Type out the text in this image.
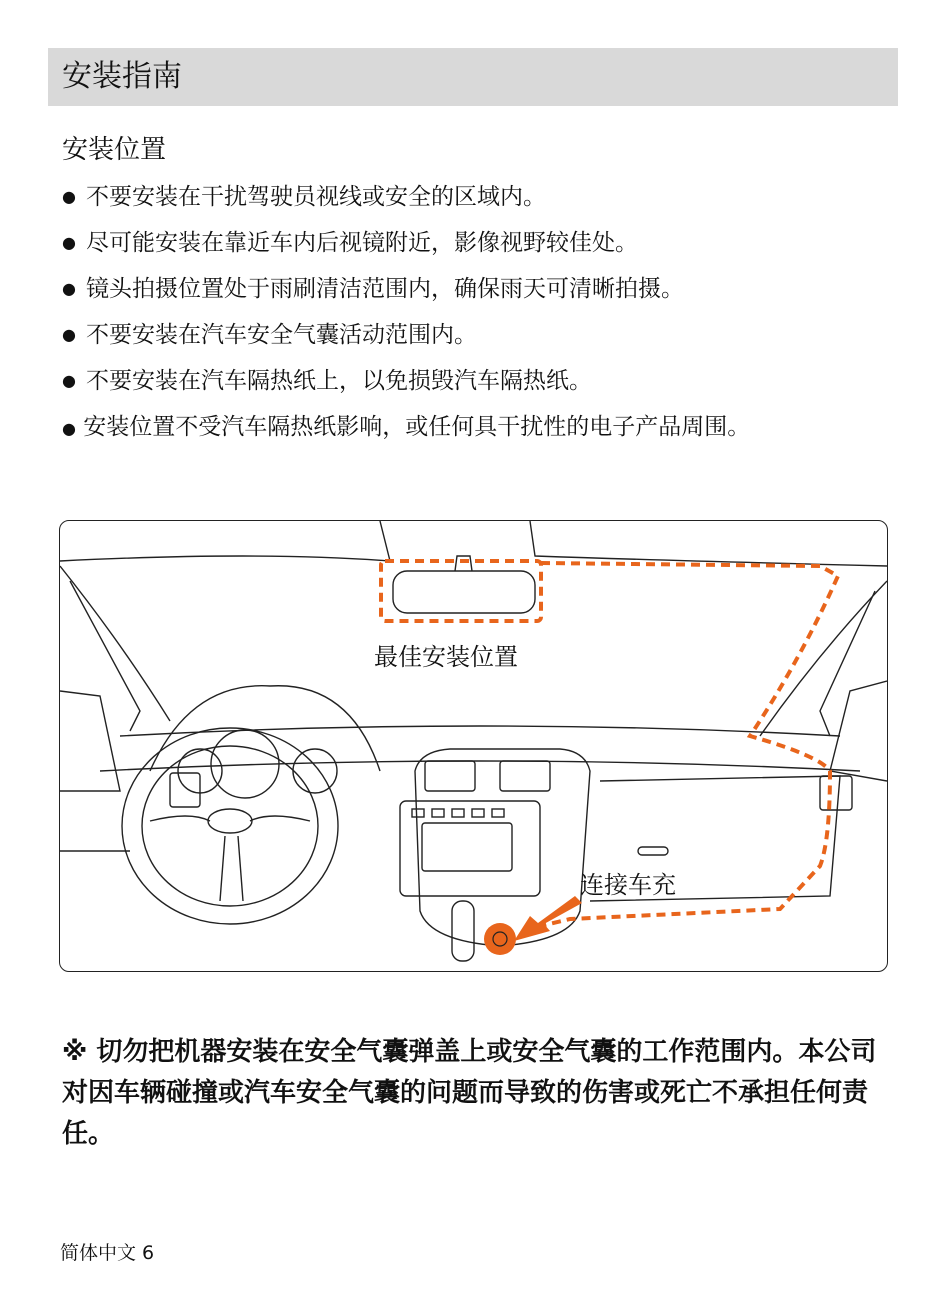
安装指南
安装位置
● 不要安装在干扰驾驶员视线或安全的区域内。
● 尽可能安装在靠近车内后视镜附近，影像视野较佳处。
● 镜头拍摄位置处于雨刷清洁范围内，确保雨天可清晰拍摄。
● 不要安装在汽车安全气囊活动范围内。
● 不要安装在汽车隔热纸上，以免损毁汽车隔热纸。
● 安装位置不受汽车隔热纸影响，或任何具干扰性的电子产品周围。
最佳安装位置
连接车充
※ 切勿把机器安装在安全气囊弹盖上或安全气囊的工作范围内。本公司对因车辆碰撞或汽车安全气囊的问题而导致的伤害或死亡不承担任何责任。
简体中文 6
